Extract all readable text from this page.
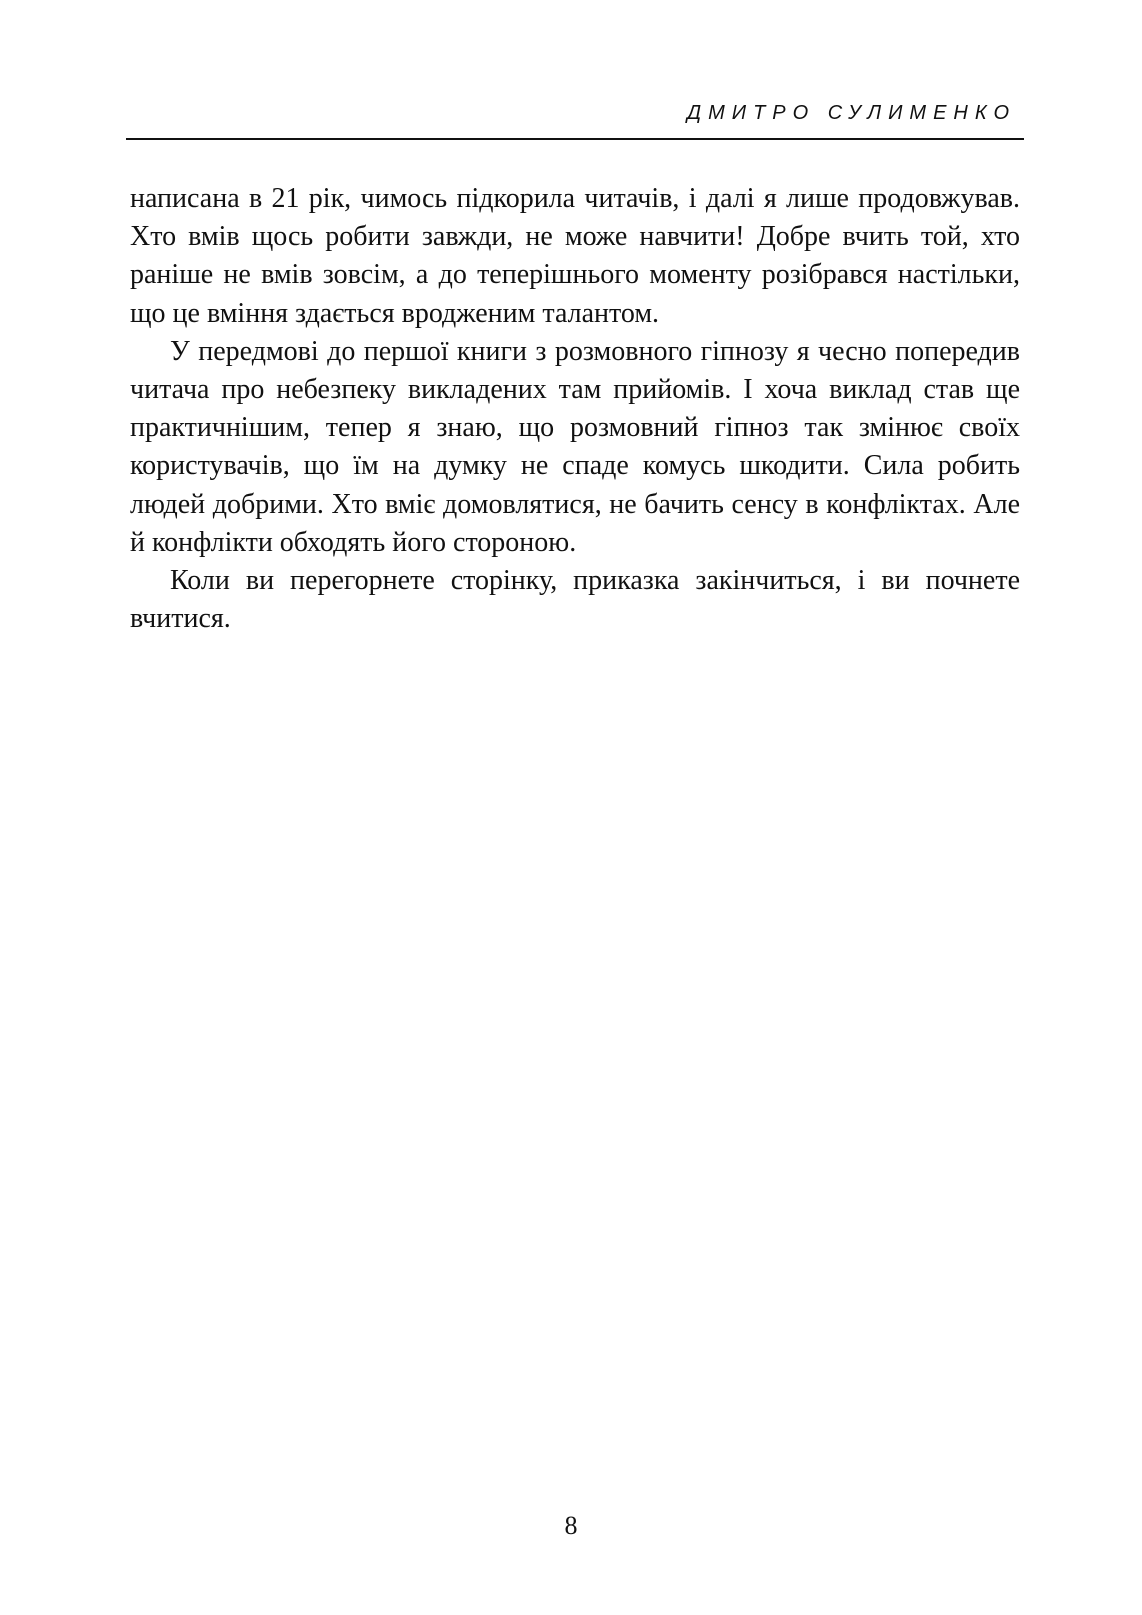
ДМИТРО СУЛИМЕНКО

написана в 21 рік, чимось підкорила читачів, і далі я лише продовжував. Хто вмів щось робити завжди, не може навчити! Добре вчить той, хто раніше не вмів зовсім, а до теперішнього моменту розібрався настільки, що це вміння здається вродженим талантом.

У передмові до першої книги з розмовного гіпнозу я чесно попередив читача про небезпеку викладених там прийомів. І хоча виклад став ще практичнішим, тепер я знаю, що розмовний гіпноз так змінює своїх користувачів, що їм на думку не спаде комусь шкодити. Сила робить людей добрими. Хто вміє домовлятися, не бачить сенсу в конфліктах. Але й конфлікти обходять його стороною.

Коли ви перегорнете сторінку, приказка закінчиться, і ви почнете вчитися.

8
